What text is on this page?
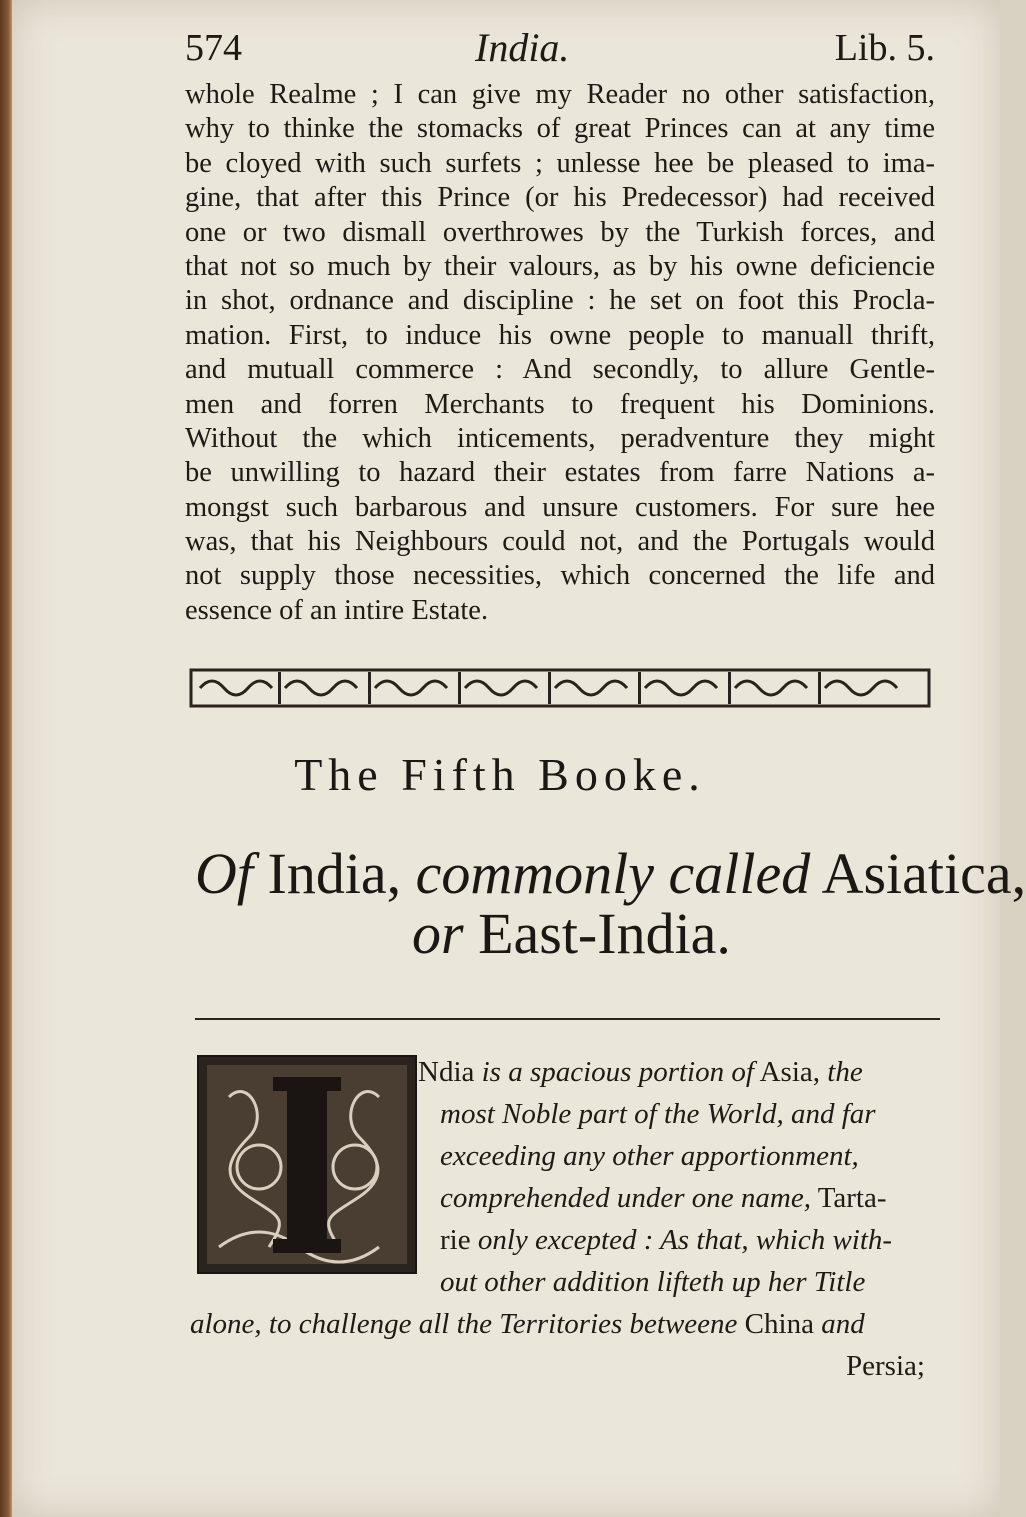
574	India.	Lib. 5.
whole Realme ; I can give my Reader no other satisfaction,
why to thinke the stomacks of great Princes can at any time
be cloyed with such surfets ; unlesse hee be pleased to ima-
gine, that after this Prince (or his Predecessor) had received
one or two dismall overthrowes by the Turkish forces, and
that not so much by their valours, as by his owne deficiencie
in shot, ordnance and discipline : he set on foot this Procla-
mation. First, to induce his owne people to manuall thrift,
and mutuall commerce : And secondly, to allure Gentle-
men and forren Merchants to frequent his Dominions.
Without the which inticements, peradventure they might
be unwilling to hazard their estates from farre Nations a-
mongst such barbarous and unsure customers. For sure hee
was, that his Neighbours could not, and the Portugals would
not supply those necessities, which concerned the life and
essence of an intire Estate.
The Fifth Booke.
Of India, commonly called Asiatica,
or East-India.
Ndia is a spacious portion of Asia, the
most Noble part of the World, and far
exceeding any other apportionment,
comprehended under one name, Tarta-
rie only excepted : As that, which with-
out other addition lifteth up her Title
alone, to challenge all the Territories betweene China and
Persia;
